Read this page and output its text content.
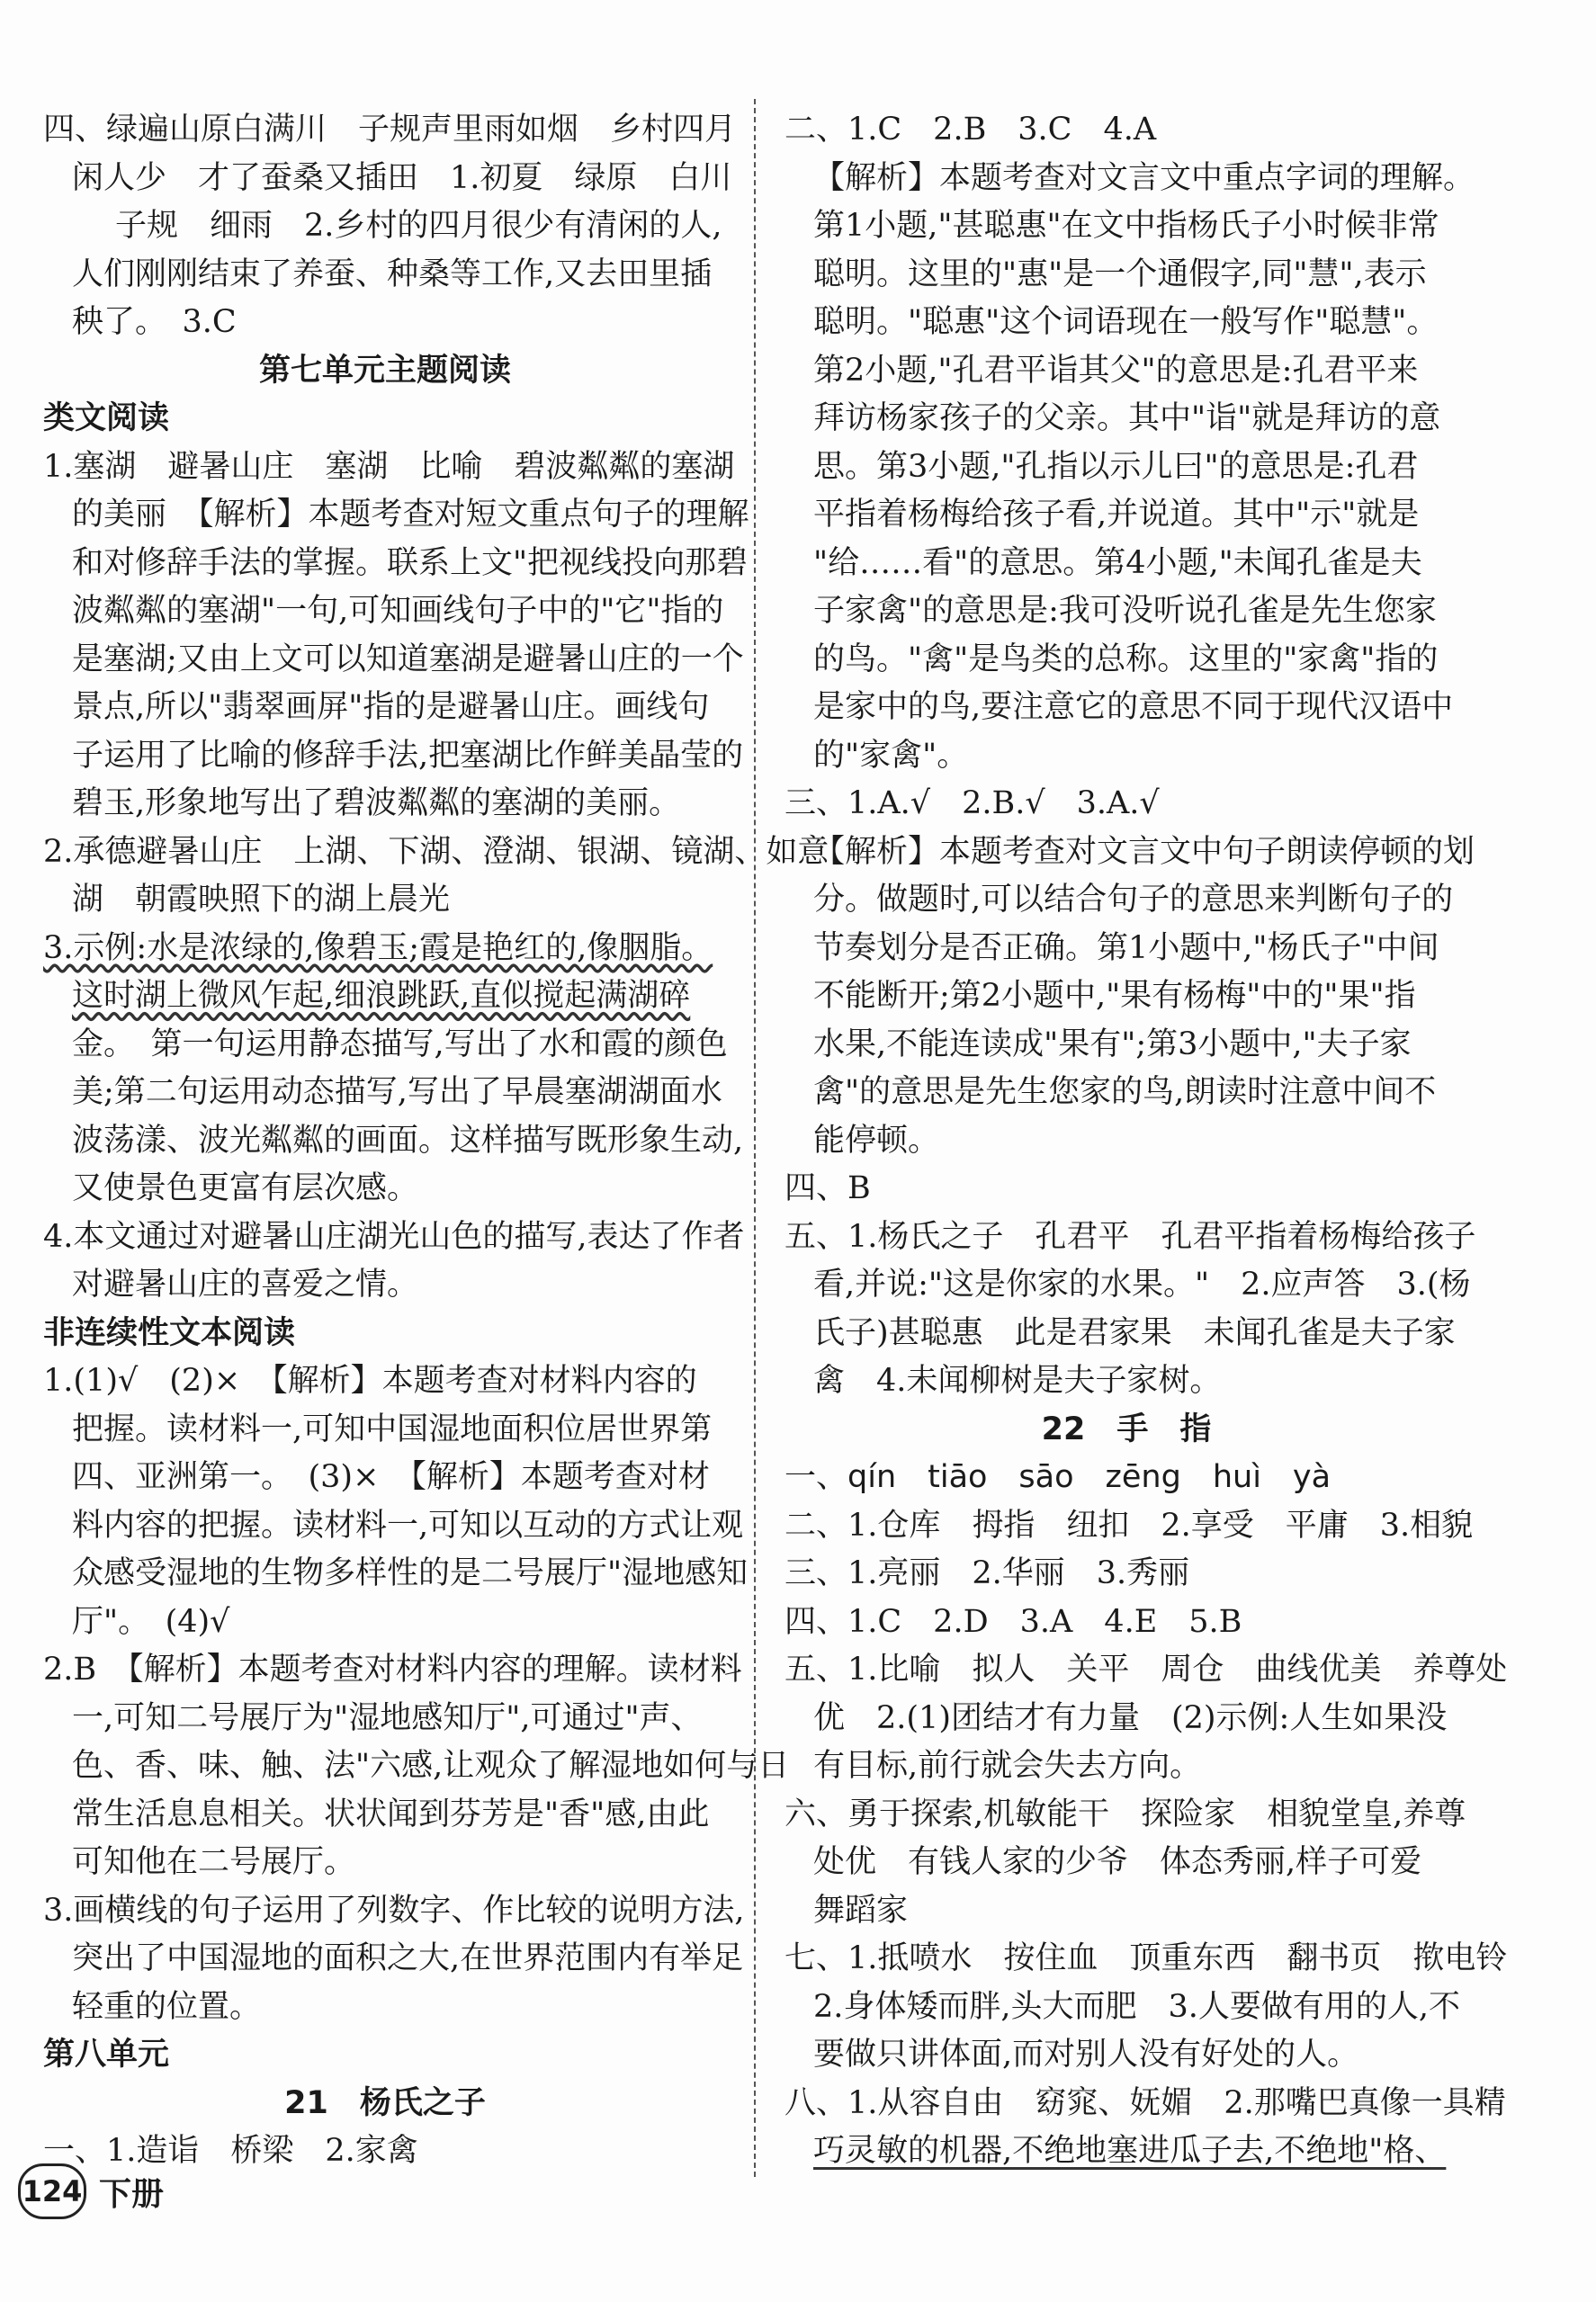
四、绿遍山原白满川　子规声里雨如烟　乡村四月
闲人少　才了蚕桑又插田　1.初夏　绿原　白川
子规　细雨　2.乡村的四月很少有清闲的人,
人们刚刚结束了养蚕、种桑等工作,又去田里插
秧了。　3.C
第七单元主题阅读
类文阅读
1.塞湖　避暑山庄　塞湖　比喻　碧波粼粼的塞湖
的美丽　【解析】本题考查对短文重点句子的理解
和对修辞手法的掌握。联系上文"把视线投向那碧
波粼粼的塞湖"一句,可知画线句子中的"它"指的
是塞湖;又由上文可以知道塞湖是避暑山庄的一个
景点,所以"翡翠画屏"指的是避暑山庄。画线句
子运用了比喻的修辞手法,把塞湖比作鲜美晶莹的
碧玉,形象地写出了碧波粼粼的塞湖的美丽。
2.承德避暑山庄　上湖、下湖、澄湖、银湖、镜湖、如意
湖　朝霞映照下的湖上晨光
3.示例:水是浓绿的,像碧玉;霞是艳红的,像胭脂。
这时湖上微风乍起,细浪跳跃,直似搅起满湖碎
金。　第一句运用静态描写,写出了水和霞的颜色
美;第二句运用动态描写,写出了早晨塞湖湖面水
波荡漾、波光粼粼的画面。这样描写既形象生动,
又使景色更富有层次感。
4.本文通过对避暑山庄湖光山色的描写,表达了作者
对避暑山庄的喜爱之情。
非连续性文本阅读
1.(1)√　(2)×　【解析】本题考查对材料内容的
把握。读材料一,可知中国湿地面积位居世界第
四、亚洲第一。　(3)×　【解析】本题考查对材
料内容的把握。读材料一,可知以互动的方式让观
众感受湿地的生物多样性的是二号展厅"湿地感知
厅"。　(4)√
2.B　【解析】本题考查对材料内容的理解。读材料
一,可知二号展厅为"湿地感知厅",可通过"声、
色、香、味、触、法"六感,让观众了解湿地如何与日
常生活息息相关。状状闻到芬芳是"香"感,由此
可知他在二号展厅。
3.画横线的句子运用了列数字、作比较的说明方法,
突出了中国湿地的面积之大,在世界范围内有举足
轻重的位置。
第八单元
21　杨氏之子
一、1.造诣　桥梁　2.家禽
二、1.C　2.B　3.C　4.A
【解析】本题考查对文言文中重点字词的理解。
第1小题,"甚聪惠"在文中指杨氏子小时候非常
聪明。这里的"惠"是一个通假字,同"慧",表示
聪明。"聪惠"这个词语现在一般写作"聪慧"。
第2小题,"孔君平诣其父"的意思是:孔君平来
拜访杨家孩子的父亲。其中"诣"就是拜访的意
思。第3小题,"孔指以示儿曰"的意思是:孔君
平指着杨梅给孩子看,并说道。其中"示"就是
"给……看"的意思。第4小题,"未闻孔雀是夫
子家禽"的意思是:我可没听说孔雀是先生您家
的鸟。"禽"是鸟类的总称。这里的"家禽"指的
是家中的鸟,要注意它的意思不同于现代汉语中
的"家禽"。
三、1.A.√　2.B.√　3.A.√
【解析】本题考查对文言文中句子朗读停顿的划
分。做题时,可以结合句子的意思来判断句子的
节奏划分是否正确。第1小题中,"杨氏子"中间
不能断开;第2小题中,"果有杨梅"中的"果"指
水果,不能连读成"果有";第3小题中,"夫子家
禽"的意思是先生您家的鸟,朗读时注意中间不
能停顿。
四、B
五、1.杨氏之子　孔君平　孔君平指着杨梅给孩子
看,并说:"这是你家的水果。"　2.应声答　3.(杨
氏子)甚聪惠　此是君家果　未闻孔雀是夫子家
禽　4.未闻柳树是夫子家树。
22　手　指
一、qín　tiāo　sāo　zēng　huì　yà
二、1.仓库　拇指　纽扣　2.享受　平庸　3.相貌
三、1.亮丽　2.华丽　3.秀丽
四、1.C　2.D　3.A　4.E　5.B
五、1.比喻　拟人　关平　周仓　曲线优美　养尊处
优　2.(1)团结才有力量　(2)示例:人生如果没
有目标,前行就会失去方向。
六、勇于探索,机敏能干　探险家　相貌堂皇,养尊
处优　有钱人家的少爷　体态秀丽,样子可爱
舞蹈家
七、1.抵喷水　按住血　顶重东西　翻书页　揿电铃
2.身体矮而胖,头大而肥　3.人要做有用的人,不
要做只讲体面,而对别人没有好处的人。
八、1.从容自由　窈窕、妩媚　2.那嘴巴真像一具精
巧灵敏的机器,不绝地塞进瓜子去,不绝地"格、
124 下册
